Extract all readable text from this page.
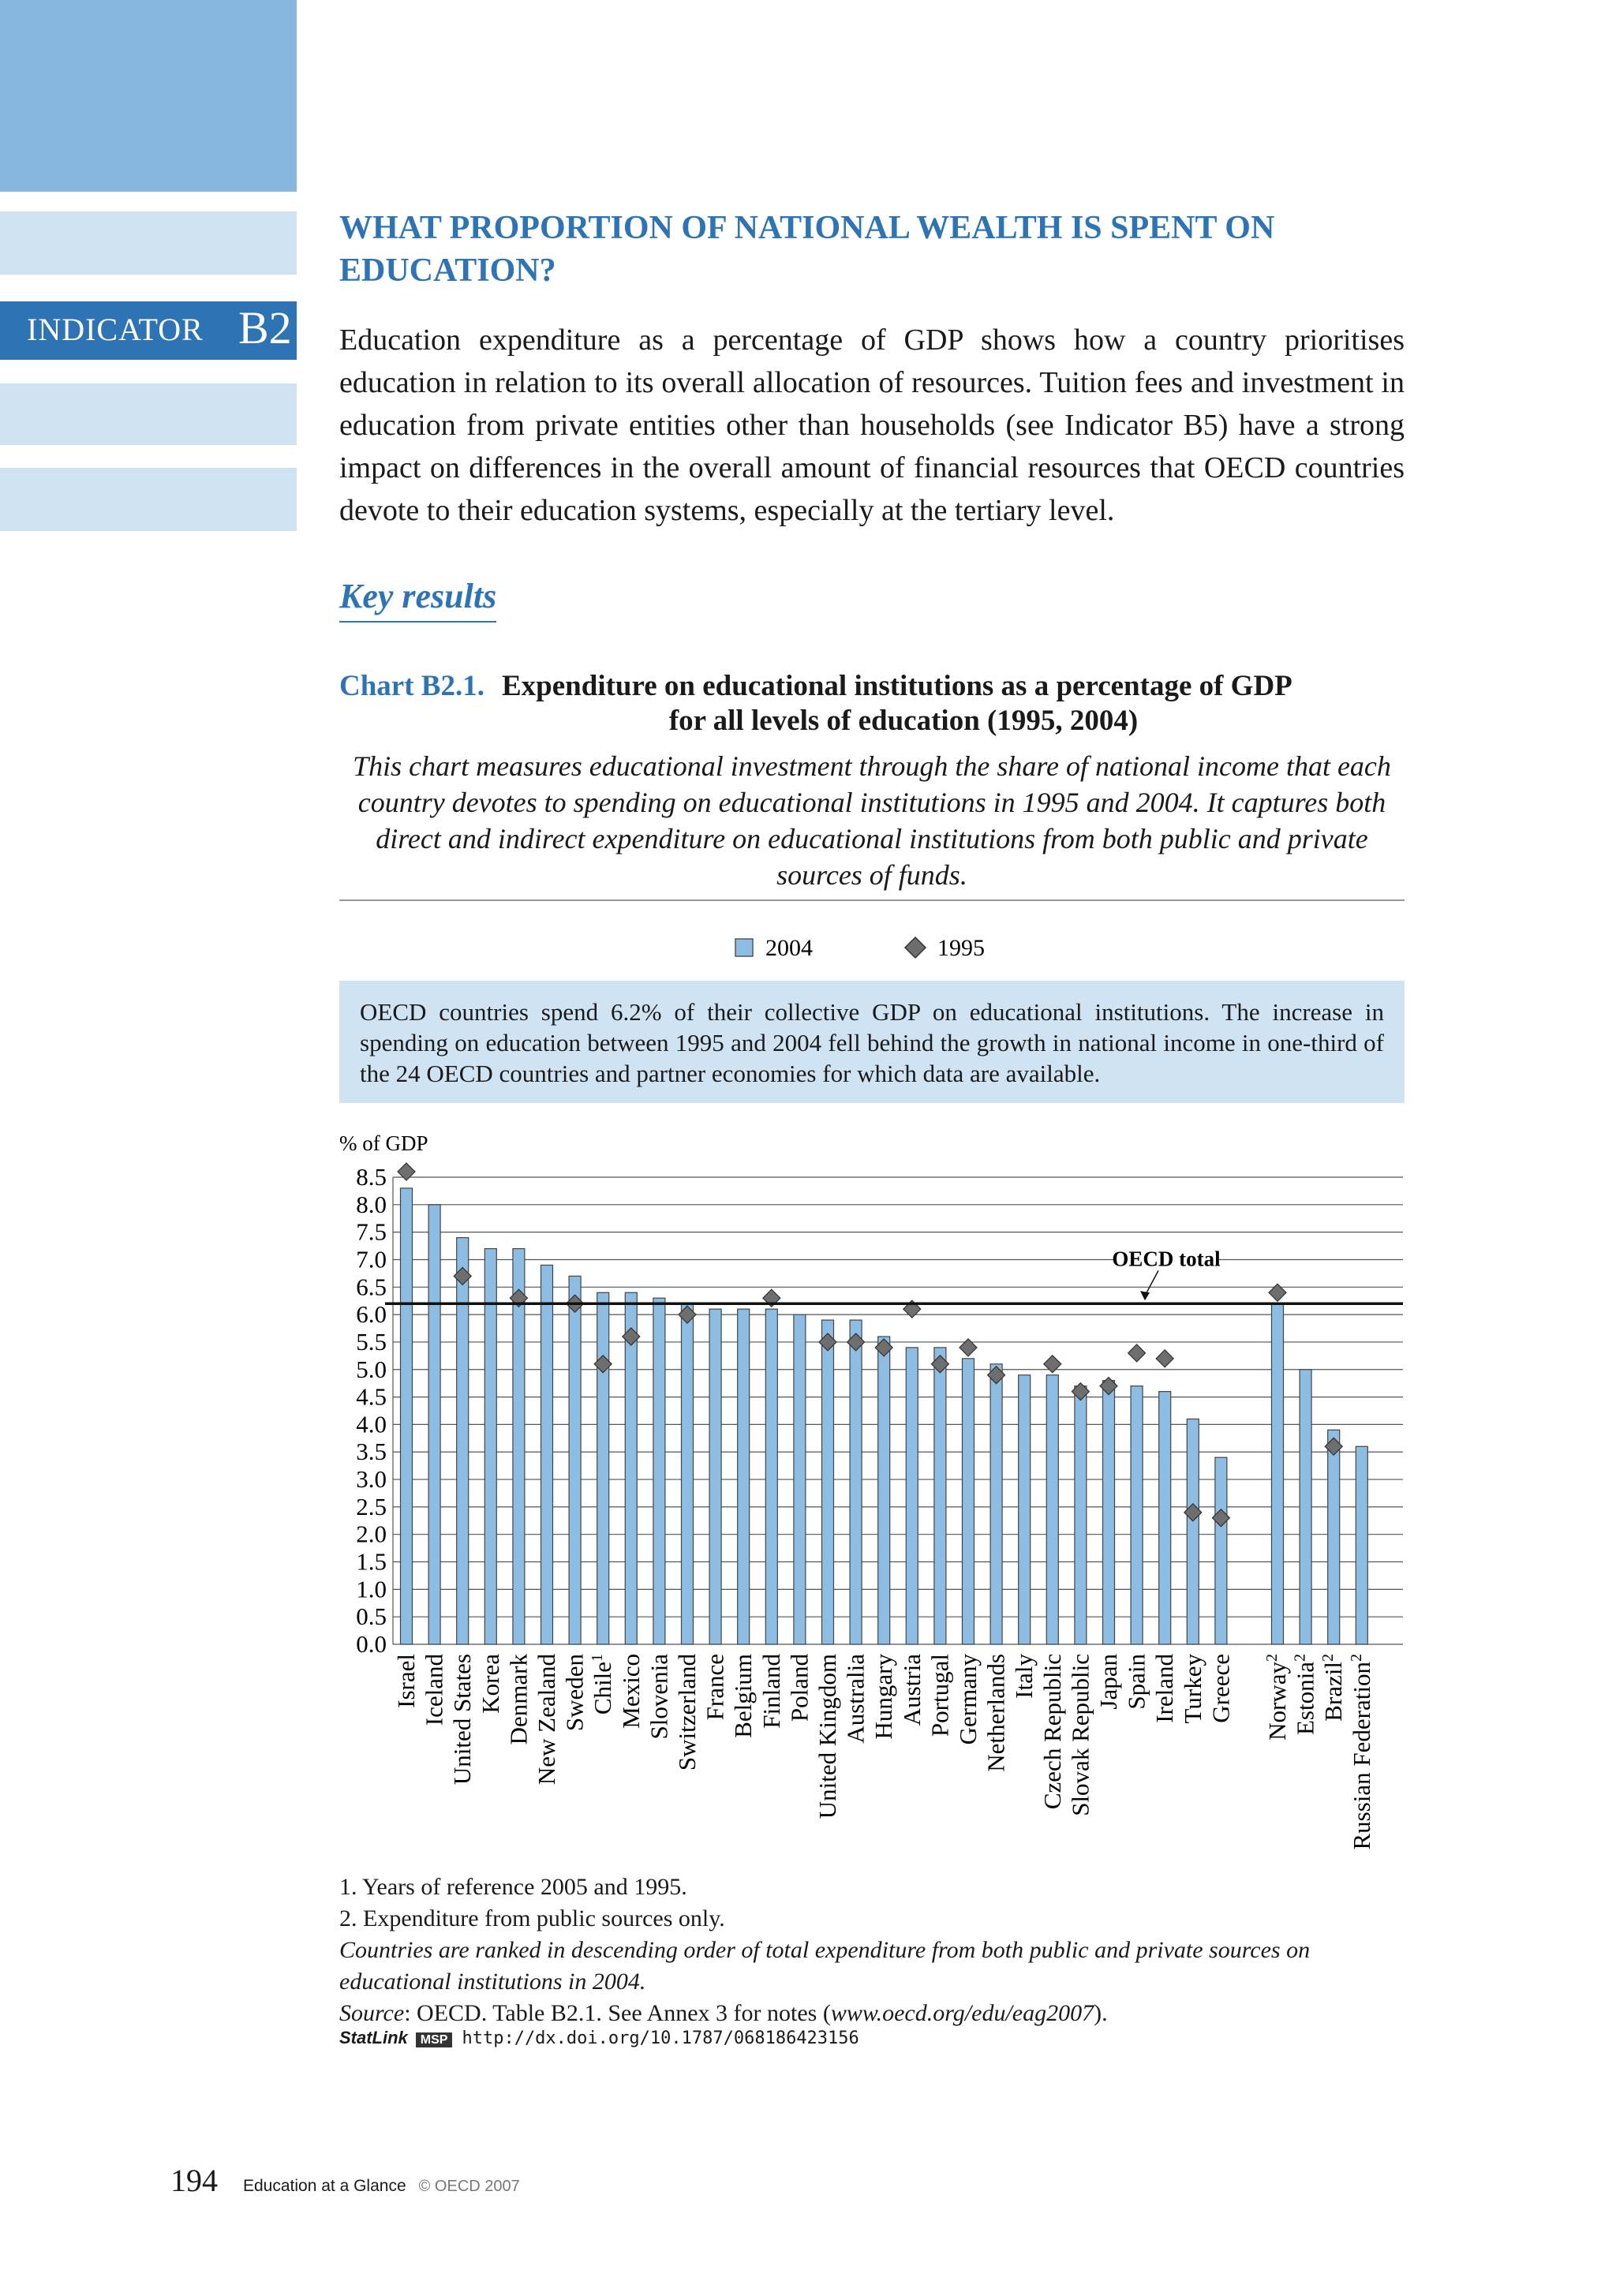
INDICATOR B2
WHAT PROPORTION OF NATIONAL WEALTH IS SPENT ON EDUCATION?
Education expenditure as a percentage of GDP shows how a country prioritises education in relation to its overall allocation of resources. Tuition fees and investment in education from private entities other than households (see Indicator B5) have a strong impact on differences in the overall amount of financial resources that OECD countries devote to their education systems, especially at the tertiary level.
Key results
Chart B2.1. Expenditure on educational institutions as a percentage of GDP
for all levels of education (1995, 2004)
This chart measures educational investment through the share of national income that each country devotes to spending on educational institutions in 1995 and 2004. It captures both direct and indirect expenditure on educational institutions from both public and private sources of funds.
2004	1995
OECD countries spend 6.2% of their collective GDP on educational institutions. The increase in spending on education between 1995 and 2004 fell behind the growth in national income in one-third of the 24 OECD countries and partner economies for which data are available.
% of GDP
0.0
0.5
1.0
1.5
2.0
2.5
3.0
3.5
4.0
4.5
5.0
5.5
6.0
6.5
7.0
7.5
8.0
8.5
OECD total
Israel Iceland United States Korea Denmark New Zealand Sweden Chile$^1$ Mexico Slovenia Switzerland France Belgium Finland Poland United Kingdom Australia Hungary Austria Portugal Germany Netherlands Italy Czech Republic Slovak Republic Japan Spain Ireland Turkey Greece Norway$^2$
Estonia$^2$
Brazil$^2$
Russian Federation$^2$
1. Years of reference 2005 and 1995.
2. Expenditure from public sources only.
Countries are ranked in descending order of total expenditure from both public and private sources on educational institutions in 2004.
Source: OECD. Table B2.1. See Annex 3 for notes (www.oecd.org/edu/eag2007).
StatLink MSP http://dx.doi.org/10.1787/068186423156
194 Education at a Glance © OECD 2007
